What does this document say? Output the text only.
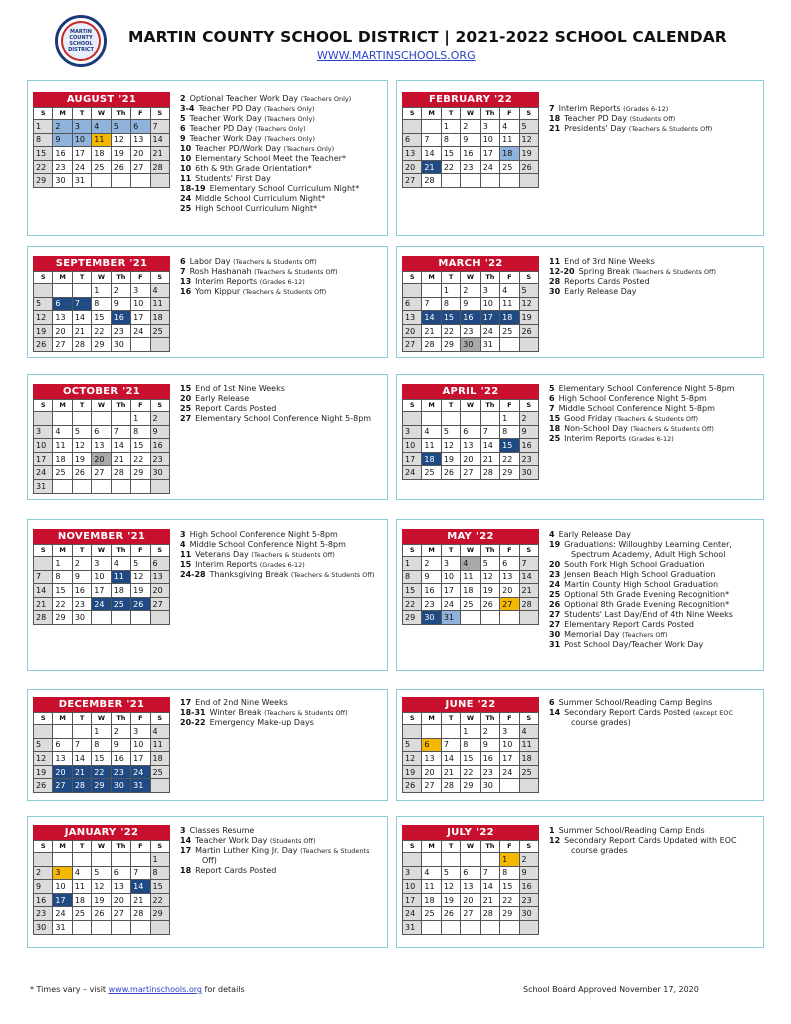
MARTIN COUNTY SCHOOL DISTRICT
MARTIN COUNTY SCHOOL DISTRICT | 2021-2022 SCHOOL CALENDAR
WWW.MARTINSCHOOLS.ORG
AUGUST '21
S	M	T	W	Th	F	S
1	2	3	4	5	6	7
8	9	10	11	12	13	14
15	16	17	18	19	20	21
22	23	24	25	26	27	28
29	30	31				
2 Optional Teacher Work Day (Teachers Only)
3-4 Teacher PD Day (Teachers Only)
5 Teacher Work Day (Teachers Only)
6 Teacher PD Day (Teachers Only)
9 Teacher Work Day (Teachers Only)
10 Teacher PD/Work Day (Teachers Only)
10 Elementary School Meet the Teacher*
10 6th & 9th Grade Orientation*
11 Students' First Day
18-19 Elementary School Curriculum Night*
24 Middle School Curriculum Night*
25 High School Curriculum Night*
FEBRUARY '22
S	M	T	W	Th	F	S
		1	2	3	4	5
6	7	8	9	10	11	12
13	14	15	16	17	18	19
20	21	22	23	24	25	26
27	28					
7 Interim Reports (Grades 6-12)
18 Teacher PD Day (Students Off)
21 Presidents' Day (Teachers & Students Off)
SEPTEMBER '21
S	M	T	W	Th	F	S
			1	2	3	4
5	6	7	8	9	10	11
12	13	14	15	16	17	18
19	20	21	22	23	24	25
26	27	28	29	30		
6 Labor Day (Teachers & Students Off)
7 Rosh Hashanah (Teachers & Students Off)
13 Interim Reports (Grades 6-12)
16 Yom Kippur (Teachers & Students Off)
MARCH '22
S	M	T	W	Th	F	S
		1	2	3	4	5
6	7	8	9	10	11	12
13	14	15	16	17	18	19
20	21	22	23	24	25	26
27	28	29	30	31		
11 End of 3rd Nine Weeks
12-20 Spring Break (Teachers & Students Off)
28 Reports Cards Posted
30 Early Release Day
OCTOBER '21
S	M	T	W	Th	F	S
					1	2
3	4	5	6	7	8	9
10	11	12	13	14	15	16
17	18	19	20	21	22	23
24	25	26	27	28	29	30
31						
15 End of 1st Nine Weeks
20 Early Release
25 Report Cards Posted
27 Elementary School Conference Night 5-8pm
APRIL '22
S	M	T	W	Th	F	S
					1	2
3	4	5	6	7	8	9
10	11	12	13	14	15	16
17	18	19	20	21	22	23
24	25	26	27	28	29	30
5 Elementary School Conference Night 5-8pm
6 High School Conference Night 5-8pm
7 Middle School Conference Night 5-8pm
15 Good Friday (Teachers & Students Off)
18 Non-School Day (Teachers & Students Off)
25 Interim Reports (Grades 6-12)
NOVEMBER '21
S	M	T	W	Th	F	S
	1	2	3	4	5	6
7	8	9	10	11	12	13
14	15	16	17	18	19	20
21	22	23	24	25	26	27
28	29	30				
3 High School Conference Night 5-8pm
4 Middle School Conference Night 5-8pm
11 Veterans Day (Teachers & Students Off)
15 Interim Reports (Grades 6-12)
24-28 Thanksgiving Break (Teachers & Students Off)
MAY '22
S	M	T	W	Th	F	S
1	2	3	4	5	6	7
8	9	10	11	12	13	14
15	16	17	18	19	20	21
22	23	24	25	26	27	28
29	30	31				
4 Early Release Day
19 Graduations: Willoughby Learning Center,
Spectrum Academy, Adult High School
20 South Fork High School Graduation
23 Jensen Beach High School Graduation
24 Martin County High School Graduation
25 Optional 5th Grade Evening Recognition*
26 Optional 8th Grade Evening Recognition*
27 Students' Last Day/End of 4th Nine Weeks
27 Elementary Report Cards Posted
30 Memorial Day (Teachers Off)
31 Post School Day/Teacher Work Day
DECEMBER '21
S	M	T	W	Th	F	S
			1	2	3	4
5	6	7	8	9	10	11
12	13	14	15	16	17	18
19	20	21	22	23	24	25
26	27	28	29	30	31	
17 End of 2nd Nine Weeks
18-31 Winter Break (Teachers & Students Off)
20-22 Emergency Make-up Days
JUNE '22
S	M	T	W	Th	F	S
			1	2	3	4
5	6	7	8	9	10	11
12	13	14	15	16	17	18
19	20	21	22	23	24	25
26	27	28	29	30		
6 Summer School/Reading Camp Begins
14 Secondary Report Cards Posted (except EOC
course grades)
JANUARY '22
S	M	T	W	Th	F	S
						1
2	3	4	5	6	7	8
9	10	11	12	13	14	15
16	17	18	19	20	21	22
23	24	25	26	27	28	29
30	31					
3 Classes Resume
14 Teacher Work Day (Students Off)
17 Martin Luther King Jr. Day (Teachers & Students
Off)
18 Report Cards Posted
JULY '22
S	M	T	W	Th	F	S
					1	2
3	4	5	6	7	8	9
10	11	12	13	14	15	16
17	18	19	20	21	22	23
24	25	26	27	28	29	30
31						
1 Summer School/Reading Camp Ends
12 Secondary Report Cards Updated with EOC
course grades
* Times vary – visit www.martinschools.org for details	School Board Approved November 17, 2020
